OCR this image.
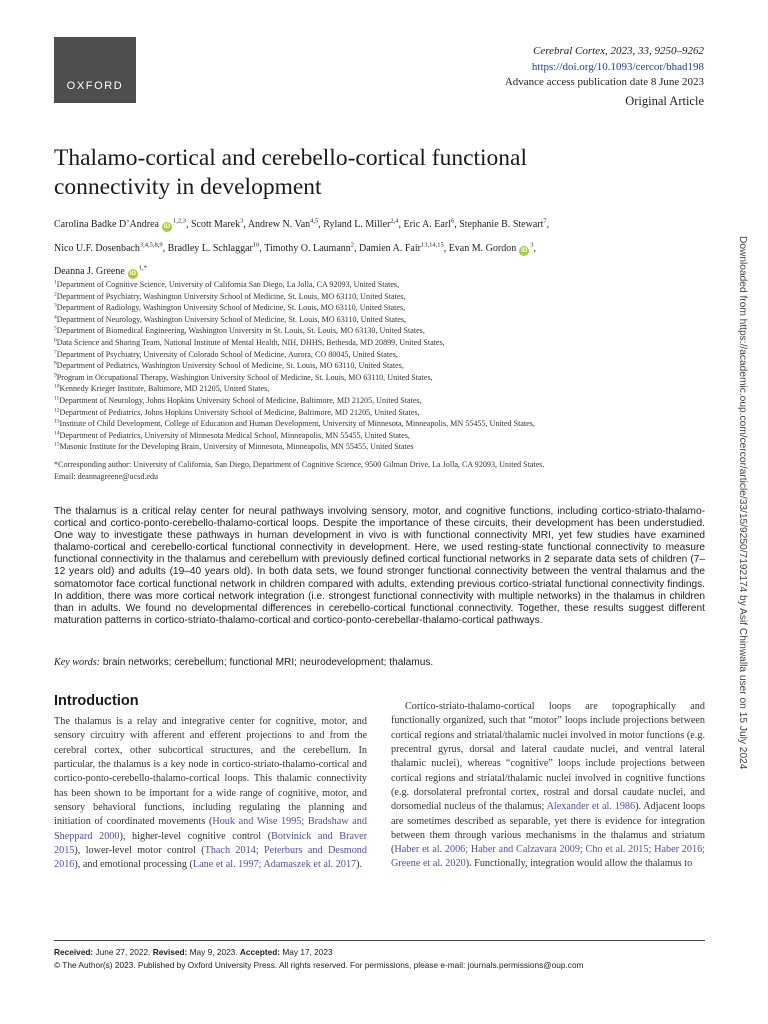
OXFORD
Cerebral Cortex, 2023, 33, 9250–9262
https://doi.org/10.1093/cercor/bhad198
Advance access publication date 8 June 2023
Original Article
Thalamo-cortical and cerebello-cortical functional
connectivity in development
Carolina Badke D’Andrea iD$^{1,2,3}$, Scott Marek$^3$, Andrew N. Van$^{4,5}$, Ryland L. Miller$^{2,4}$, Eric A. Earl$^6$, Stephanie B. Stewart$^7$,
Nico U.F. Dosenbach$^{3,4,5,8,9}$, Bradley L. Schlaggar$^{10}$, Timothy O. Laumann$^2$, Damien A. Fair$^{13,14,15}$, Evan M. Gordon $iD^3$,
Deanna J. Greene $iD^{1,*}$
$^1$Department of Cognitive Science, University of California San Diego, La Jolla, CA 92093, United States,
$^2$Department of Psychiatry, Washington University School of Medicine, St. Louis, MO 63110, United States,
$^3$Department of Radiology, Washington University School of Medicine, St. Louis, MO 63110, United States,
$^4$Department of Neurology, Washington University School of Medicine, St. Louis, MO 63110, United States,
$^5$Department of Biomedical Engineering, Washington University in St. Louis, St. Louis, MO 63130, United States,
$^6$Data Science and Sharing Team, National Institute of Mental Health, NIH, DHHS, Bethesda, MD 20899, United States,
$^7$Department of Psychiatry, University of Colorado School of Medicine, Aurora, CO 80045, United States,
$^8$Department of Pediatrics, Washington University School of Medicine, St. Louis, MO 63110, United States,
$^9$Program in Occupational Therapy, Washington University School of Medicine, St. Louis, MO 63110, United States,
$^{10}$Kennedy Krieger Institute, Baltimore, MD 21205, United States,
$^{11}$Department of Neurology, Johns Hopkins University School of Medicine, Baltimore, MD 21205, United States,
$^{12}$Department of Pediatrics, Johns Hopkins University School of Medicine, Baltimore, MD 21205, United States,
$^{13}$Institute of Child Development, College of Education and Human Development, University of Minnesota, Minneapolis, MN 55455, United States,
$^{14}$Department of Pediatrics, University of Minnesota Medical School, Minneapolis, MN 55455, United States,
$^{15}$Masonic Institute for the Developing Brain, University of Minnesota, Minneapolis, MN 55455, United States
*Corresponding author: University of California, San Diego, Department of Cognitive Science, 9500 Gilman Drive, La Jolla, CA 92093, United States.
Email: deannagreene@ucsd.edu

The thalamus is a critical relay center for neural pathways involving sensory, motor, and cognitive functions, including cortico-striato-thalamo-cortical and cortico-ponto-cerebello-thalamo-cortical loops. Despite the importance of these circuits, their development has been understudied. One way to investigate these pathways in human development in vivo is with functional connectivity MRI, yet few studies have examined thalamo-cortical and cerebello-cortical functional connectivity in development. Here, we used resting-state functional connectivity to measure functional connectivity in the thalamus and cerebellum with previously defined cortical functional networks in 2 separate data sets of children (7–12 years old) and adults (19–40 years old). In both data sets, we found stronger functional connectivity between the ventral thalamus and the somatomotor face cortical functional network in children compared with adults, extending previous cortico-striatal functional connectivity findings. In addition, there was more cortical network integration (i.e. strongest functional connectivity with multiple networks) in the thalamus in children than in adults. We found no developmental differences in cerebello-cortical functional connectivity. Together, these results suggest different maturation patterns in cortico-striato-thalamo-cortical and cortico-ponto-cerebellar-thalamo-cortical pathways.

Key words: brain networks; cerebellum; functional MRI; neurodevelopment; thalamus.

Introduction

The thalamus is a relay and integrative center for cognitive, motor, and sensory circuitry with afferent and efferent projections to and from the cerebral cortex, other subcortical structures, and the cerebellum. In particular, the thalamus is a key node in cortico-striato-thalamo-cortical and cortico-ponto-cerebello-thalamo-cortical loops. This thalamic connectivity has been shown to be important for a wide range of cognitive, motor, and sensory behavioral functions, including regulating the planning and initiation of coordinated movements (Houk and Wise 1995; Bradshaw and Sheppard 2000), higher-level cognitive control (Botvinick and Braver 2015), lower-level motor control (Thach 2014; Peterburs and Desmond 2016), and emotional processing (Lane et al. 1997; Adamaszek et al. 2017).

Cortico-striato-thalamo-cortical loops are topographically and functionally organized, such that “motor” loops include projections between cortical regions and striatal/thalamic nuclei involved in motor functions (e.g. precentral gyrus, dorsal and lateral caudate nuclei, and ventral lateral thalamic nuclei), whereas “cognitive” loops include projections between cortical regions and striatal/thalamic nuclei involved in cognitive functions (e.g. dorsolateral prefrontal cortex, rostral and dorsal caudate nuclei, and dorsomedial nucleus of the thalamus; Alexander et al. 1986). Adjacent loops are sometimes described as separable, yet there is evidence for integration between them through various mechanisms in the thalamus and striatum (Haber et al. 2006; Haber and Calzavara 2009; Cho et al. 2015; Haber 2016; Greene et al. 2020). Functionally, integration would allow the thalamus to

Downloaded from https://academic.oup.com/cercor/article/33/15/9250/7192174 by Asif Chinwalla user on 15 July 2024
Received: June 27, 2022. Revised: May 9, 2023. Accepted: May 17, 2023
© The Author(s) 2023. Published by Oxford University Press. All rights reserved. For permissions, please e-mail: journals.permissions@oup.com
